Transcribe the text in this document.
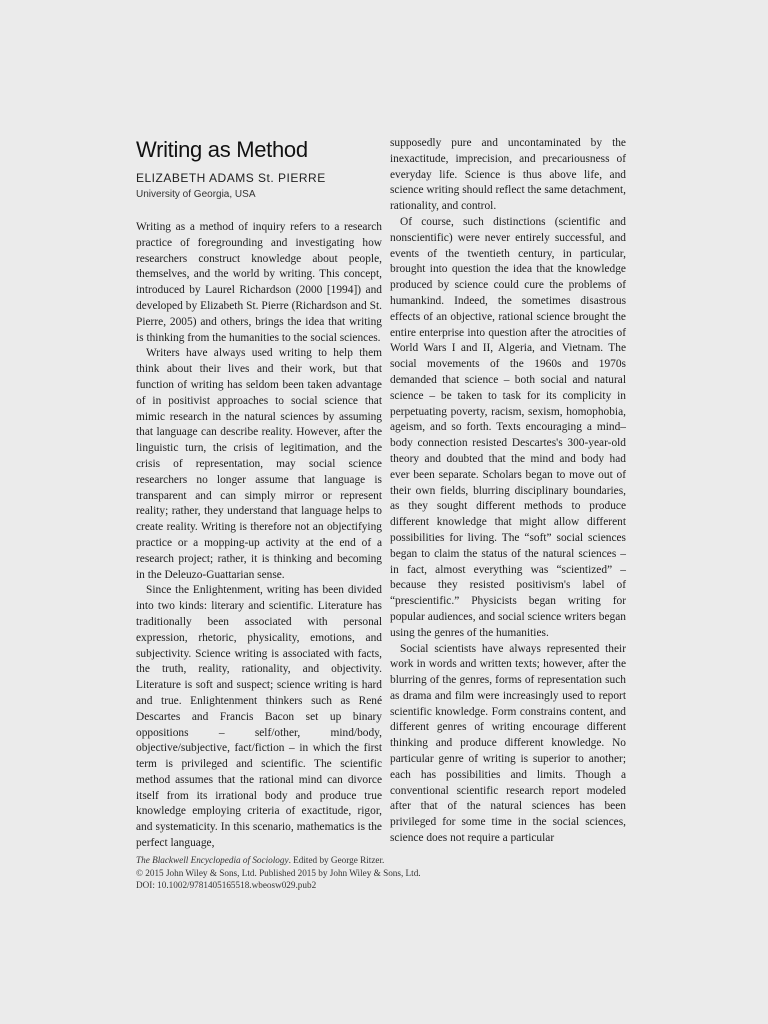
Writing as Method
ELIZABETH ADAMS St. PIERRE
University of Georgia, USA

Writing as a method of inquiry refers to a research practice of foregrounding and investigating how researchers construct knowledge about people, themselves, and the world by writing. This concept, introduced by Laurel Richardson (2000 [1994]) and developed by Elizabeth St. Pierre (Richardson and St. Pierre, 2005) and others, brings the idea that writing is thinking from the humanities to the social sciences.

Writers have always used writing to help them think about their lives and their work, but that function of writing has seldom been taken advantage of in positivist approaches to social science that mimic research in the natural sciences by assuming that language can describe reality. However, after the linguistic turn, the crisis of legitimation, and the crisis of representation, may social science researchers no longer assume that language is transparent and can simply mirror or represent reality; rather, they understand that language helps to create reality. Writing is therefore not an objectifying practice or a mopping-up activity at the end of a research project; rather, it is thinking and becoming in the Deleuzo-Guattarian sense.

Since the Enlightenment, writing has been divided into two kinds: literary and scientific. Literature has traditionally been associated with personal expression, rhetoric, physicality, emotions, and subjectivity. Science writing is associated with facts, the truth, reality, rationality, and objectivity. Literature is soft and suspect; science writing is hard and true. Enlightenment thinkers such as René Descartes and Francis Bacon set up binary oppositions – self/other, mind/body, objective/subjective, fact/fiction – in which the first term is privileged and scientific. The scientific method assumes that the rational mind can divorce itself from its irrational body and produce true knowledge employing criteria of exactitude, rigor, and systematicity. In this scenario, mathematics is the perfect language,

supposedly pure and uncontaminated by the inexactitude, imprecision, and precariousness of everyday life. Science is thus above life, and science writing should reflect the same detachment, rationality, and control.

Of course, such distinctions (scientific and nonscientific) were never entirely successful, and events of the twentieth century, in particular, brought into question the idea that the knowledge produced by science could cure the problems of humankind. Indeed, the sometimes disastrous effects of an objective, rational science brought the entire enterprise into question after the atrocities of World Wars I and II, Algeria, and Vietnam. The social movements of the 1960s and 1970s demanded that science – both social and natural science – be taken to task for its complicity in perpetuating poverty, racism, sexism, homophobia, ageism, and so forth. Texts encouraging a mind–body connection resisted Descartes's 300-year-old theory and doubted that the mind and body had ever been separate. Scholars began to move out of their own fields, blurring disciplinary boundaries, as they sought different methods to produce different knowledge that might allow different possibilities for living. The “soft” social sciences began to claim the status of the natural sciences – in fact, almost everything was “scientized” – because they resisted positivism's label of “prescientific.” Physicists began writing for popular audiences, and social science writers began using the genres of the humanities.

Social scientists have always represented their work in words and written texts; however, after the blurring of the genres, forms of representation such as drama and film were increasingly used to report scientific knowledge. Form constrains content, and different genres of writing encourage different thinking and produce different knowledge. No particular genre of writing is superior to another; each has possibilities and limits. Though a conventional scientific research report modeled after that of the natural sciences has been privileged for some time in the social sciences, science does not require a particular

The Blackwell Encyclopedia of Sociology. Edited by George Ritzer.
© 2015 John Wiley & Sons, Ltd. Published 2015 by John Wiley & Sons, Ltd.
DOI: 10.1002/9781405165518.wbeosw029.pub2
